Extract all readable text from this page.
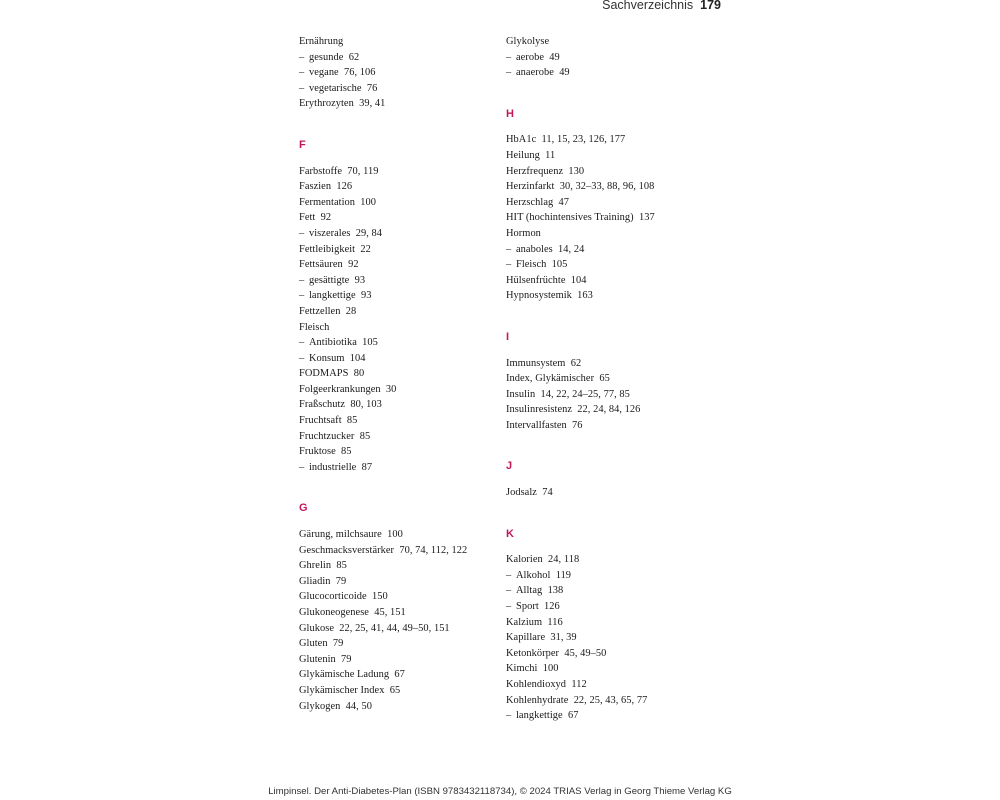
Sachverzeichnis 179
Ernährung
– gesunde  62
– vegane  76, 106
– vegetarische  76
Erythrozyten  39, 41
F
Farbstoffe  70, 119
Faszien  126
Fermentation  100
Fett  92
– viszerales  29, 84
Fettleibigkeit  22
Fettsäuren  92
– gesättigte  93
– langkettige  93
Fettzellen  28
Fleisch
– Antibiotika  105
– Konsum  104
FODMAPS  80
Folgeerkrankungen  30
Fraßschutz  80, 103
Fruchtsaft  85
Fruchtzucker  85
Fruktose  85
– industrielle  87
G
Gärung, milchsaure  100
Geschmacksverstärker  70, 74, 112, 122
Ghrelin  85
Gliadin  79
Glucocorticoide  150
Glukoneogenese  45, 151
Glukose  22, 25, 41, 44, 49–50, 151
Gluten  79
Glutenin  79
Glykämische Ladung  67
Glykämischer Index  65
Glykogen  44, 50
Glykolyse
– aerobe  49
– anaerobe  49
H
HbA1c  11, 15, 23, 126, 177
Heilung  11
Herzfrequenz  130
Herzinfarkt  30, 32–33, 88, 96, 108
Herzschlag  47
HIT (hochintensives Training)  137
Hormon
– anaboles  14, 24
– Fleisch  105
Hülsenfrüchte  104
Hypnosystemik  163
I
Immunsystem  62
Index, Glykämischer  65
Insulin  14, 22, 24–25, 77, 85
Insulinresistenz  22, 24, 84, 126
Intervallfasten  76
J
Jodsalz  74
K
Kalorien  24, 118
– Alkohol  119
– Alltag  138
– Sport  126
Kalzium  116
Kapillare  31, 39
Ketonkörper  45, 49–50
Kimchi  100
Kohlendioxyd  112
Kohlenhydrate  22, 25, 43, 65, 77
– langkettige  67
Limpinsel. Der Anti-Diabetes-Plan (ISBN 9783432118734), © 2024 TRIAS Verlag in Georg Thieme Verlag KG
